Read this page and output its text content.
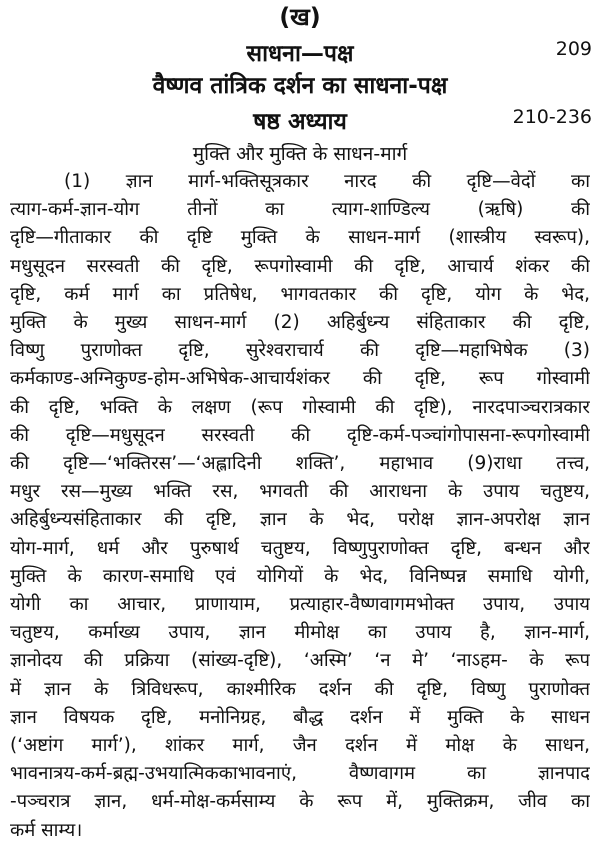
(ख)
साधना—पक्ष	209
वैष्णव तांत्रिक दर्शन का साधना-पक्ष
षष्ठ अध्याय	210-236
मुक्ति और मुक्ति के साधन-मार्ग
(1) ज्ञान मार्ग-भक्तिसूत्रकार नारद की दृष्टि—वेदों का
त्याग-कर्म-ज्ञान-योग तीनों का त्याग-शाण्डिल्य (ऋषि) की
दृष्टि—गीताकार की दृष्टि मुक्ति के साधन-मार्ग (शास्त्रीय स्वरूप),
मधुसूदन सरस्वती की दृष्टि, रूपगोस्वामी की दृष्टि, आचार्य शंकर की
दृष्टि, कर्म मार्ग का प्रतिषेध, भागवतकार की दृष्टि, योग के भेद,
मुक्ति के मुख्य साधन-मार्ग (2) अहिर्बुध्न्य संहिताकार की दृष्टि,
विष्णु पुराणोक्त दृष्टि, सुरेश्वराचार्य की दृष्टि—महाभिषेक (3)
कर्मकाण्ड-अग्निकुण्ड-होम-अभिषेक-आचार्यशंकर की दृष्टि, रूप गोस्वामी
की दृष्टि, भक्ति के लक्षण (रूप गोस्वामी की दृष्टि), नारदपाञ्चरात्रकार
की दृष्टि—मधुसूदन सरस्वती की दृष्टि-कर्म-पञ्चांगोपासना-रूपगोस्वामी
की दृष्टि—‘भक्तिरस’—‘अह्लादिनी शक्ति’, महाभाव (9)राधा तत्त्व,
मधुर रस—मुख्य भक्ति रस, भगवती की आराधना के उपाय चतुष्टय,
अहिर्बुध्न्यसंहिताकार की दृष्टि, ज्ञान के भेद, परोक्ष ज्ञान-अपरोक्ष ज्ञान
योग-मार्ग, धर्म और पुरुषार्थ चतुष्टय, विष्णुपुराणोक्त दृष्टि, बन्धन और
मुक्ति के कारण-समाधि एवं योगियों के भेद, विनिष्पन्न समाधि योगी,
योगी का आचार, प्राणायाम, प्रत्याहार-वैष्णवागमभोक्त उपाय, उपाय
चतुष्टय, कर्माख्य उपाय, ज्ञान मीमोक्ष का उपाय है, ज्ञान-मार्ग,
ज्ञानोदय की प्रक्रिया (सांख्य-दृष्टि), ‘अस्मि’ ‘न मे’ ‘नाऽहम- के रूप
में ज्ञान के त्रिविधरूप, काश्मीरिक दर्शन की दृष्टि, विष्णु पुराणोक्त
ज्ञान विषयक दृष्टि, मनोनिग्रह, बौद्ध दर्शन में मुक्ति के साधन
(‘अष्टांग मार्ग’), शांकर मार्ग, जैन दर्शन में मोक्ष के साधन,
भावनात्रय-कर्म-ब्रह्म-उभयात्मिककाभावनाएं, वैष्णवागम का ज्ञानपाद
-पञ्चरात्र ज्ञान, धर्म-मोक्ष-कर्मसाम्य के रूप में, मुक्तिक्रम, जीव का
कर्म साम्य।
